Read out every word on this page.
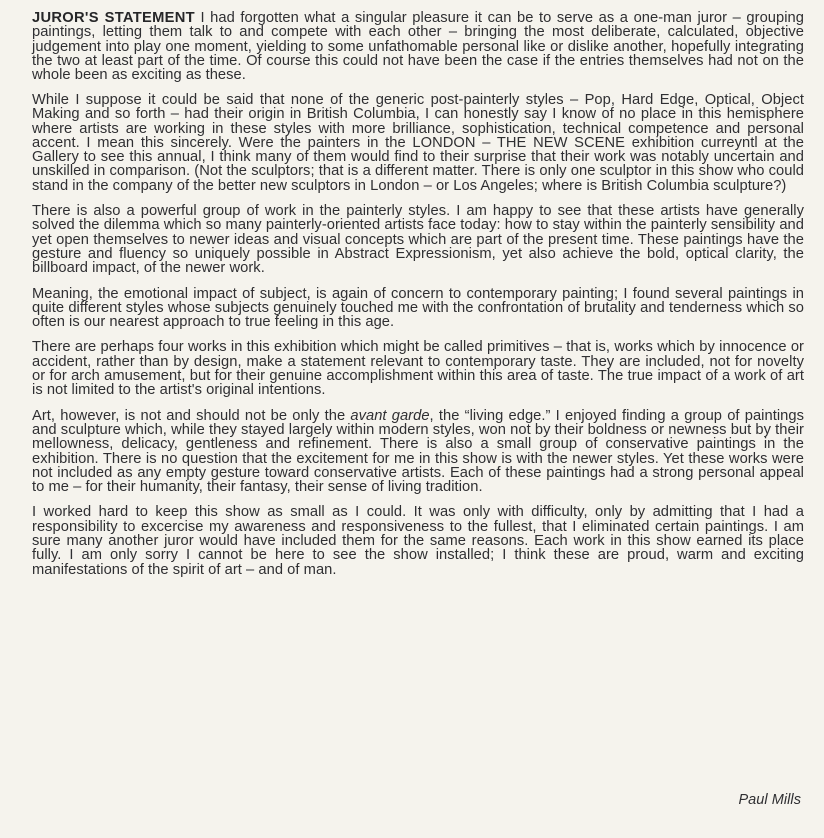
JUROR'S STATEMENT I had forgotten what a singular pleasure it can be to serve as a one-man juror – grouping paintings, letting them talk to and compete with each other – bringing the most deliberate, calculated, objective judgement into play one moment, yielding to some unfathomable personal like or dislike another, hopefully integrating the two at least part of the time. Of course this could not have been the case if the entries themselves had not on the whole been as exciting as these.

While I suppose it could be said that none of the generic post-painterly styles – Pop, Hard Edge, Optical, Object Making and so forth – had their origin in British Columbia, I can honestly say I know of no place in this hemisphere where artists are working in these styles with more brilliance, sophistication, technical competence and personal accent. I mean this sincerely. Were the painters in the LONDON – THE NEW SCENE exhibition curreyntl at the Gallery to see this annual, I think many of them would find to their surprise that their work was notably uncertain and unskilled in comparison. (Not the sculptors; that is a different matter. There is only one sculptor in this show who could stand in the company of the better new sculptors in London – or Los Angeles; where is British Columbia sculpture?)

There is also a powerful group of work in the painterly styles. I am happy to see that these artists have generally solved the dilemma which so many painterly-oriented artists face today: how to stay within the painterly sensibility and yet open themselves to newer ideas and visual concepts which are part of the present time. These paintings have the gesture and fluency so uniquely possible in Abstract Expressionism, yet also achieve the bold, optical clarity, the billboard impact, of the newer work.

Meaning, the emotional impact of subject, is again of concern to contemporary painting; I found several paintings in quite different styles whose subjects genuinely touched me with the confrontation of brutality and tenderness which so often is our nearest approach to true feeling in this age.

There are perhaps four works in this exhibition which might be called primitives – that is, works which by innocence or accident, rather than by design, make a statement relevant to contemporary taste. They are included, not for novelty or for arch amusement, but for their genuine accomplishment within this area of taste. The true impact of a work of art is not limited to the artist's original intentions.

Art, however, is not and should not be only the avant garde, the “living edge.” I enjoyed finding a group of paintings and sculpture which, while they stayed largely within modern styles, won not by their boldness or newness but by their mellowness, delicacy, gentleness and refinement. There is also a small group of conservative paintings in the exhibition. There is no question that the excitement for me in this show is with the newer styles. Yet these works were not included as any empty gesture toward conservative artists. Each of these paintings had a strong personal appeal to me – for their humanity, their fantasy, their sense of living tradition.

I worked hard to keep this show as small as I could. It was only with difficulty, only by admitting that I had a responsibility to excercise my awareness and responsiveness to the fullest, that I eliminated certain paintings. I am sure many another juror would have included them for the same reasons. Each work in this show earned its place fully. I am only sorry I cannot be here to see the show installed; I think these are proud, warm and exciting manifestations of the spirit of art – and of man.

Paul Mills
